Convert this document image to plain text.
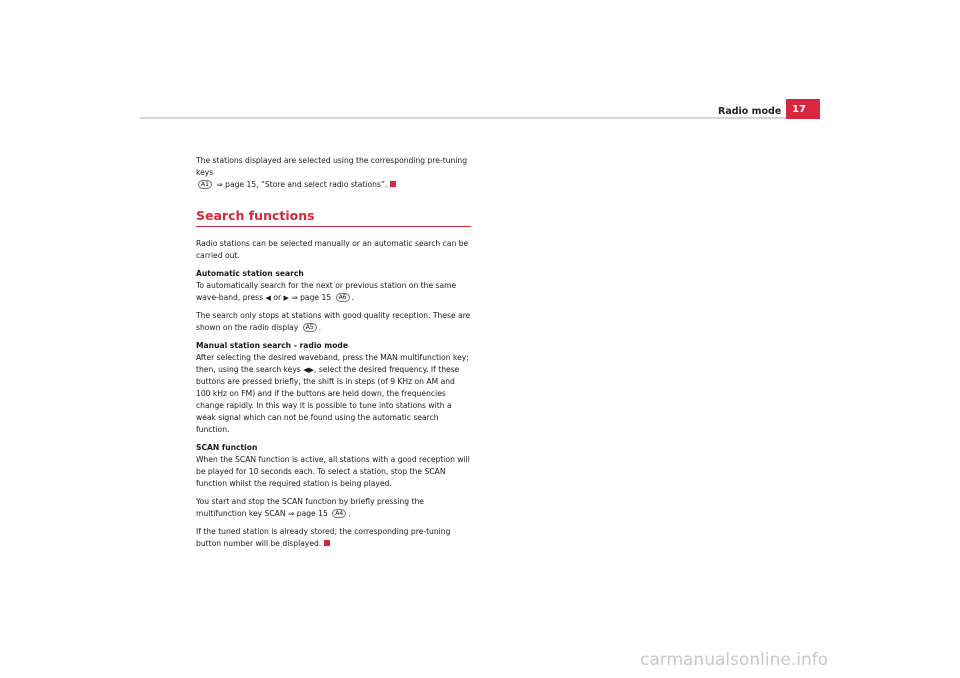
Radio mode	17

The stations displayed are selected using the corresponding pre-tuning keys
A1 ⇒ page 15, “Store and select radio stations”.

Search functions

Radio stations can be selected manually or an automatic search can be carried out.

Automatic station search

To automatically search for the next or previous station on the same wave-band, press ◀ or ▶ ⇒ page 15 A6 .

The search only stops at stations with good quality reception. These are shown on the radio display A5 .

Manual station search - radio mode

After selecting the desired waveband, press the MAN multifunction key; then, using the search keys ◀▶, select the desired frequency. If these buttons are pressed briefly, the shift is in steps (of 9 KHz on AM and 100 kHz on FM) and if the buttons are held down, the frequencies change rapidly. In this way it is possible to tune into stations with a weak signal which can not be found using the automatic search function.

SCAN function

When the SCAN function is active, all stations with a good reception will be played for 10 seconds each. To select a station, stop the SCAN function whilst the required station is being played.

You start and stop the SCAN function by briefly pressing the multifunction key SCAN ⇒ page 15 A4 .

If the tuned station is already stored, the corresponding pre-tuning button number will be displayed.

carmanualsonline.info
